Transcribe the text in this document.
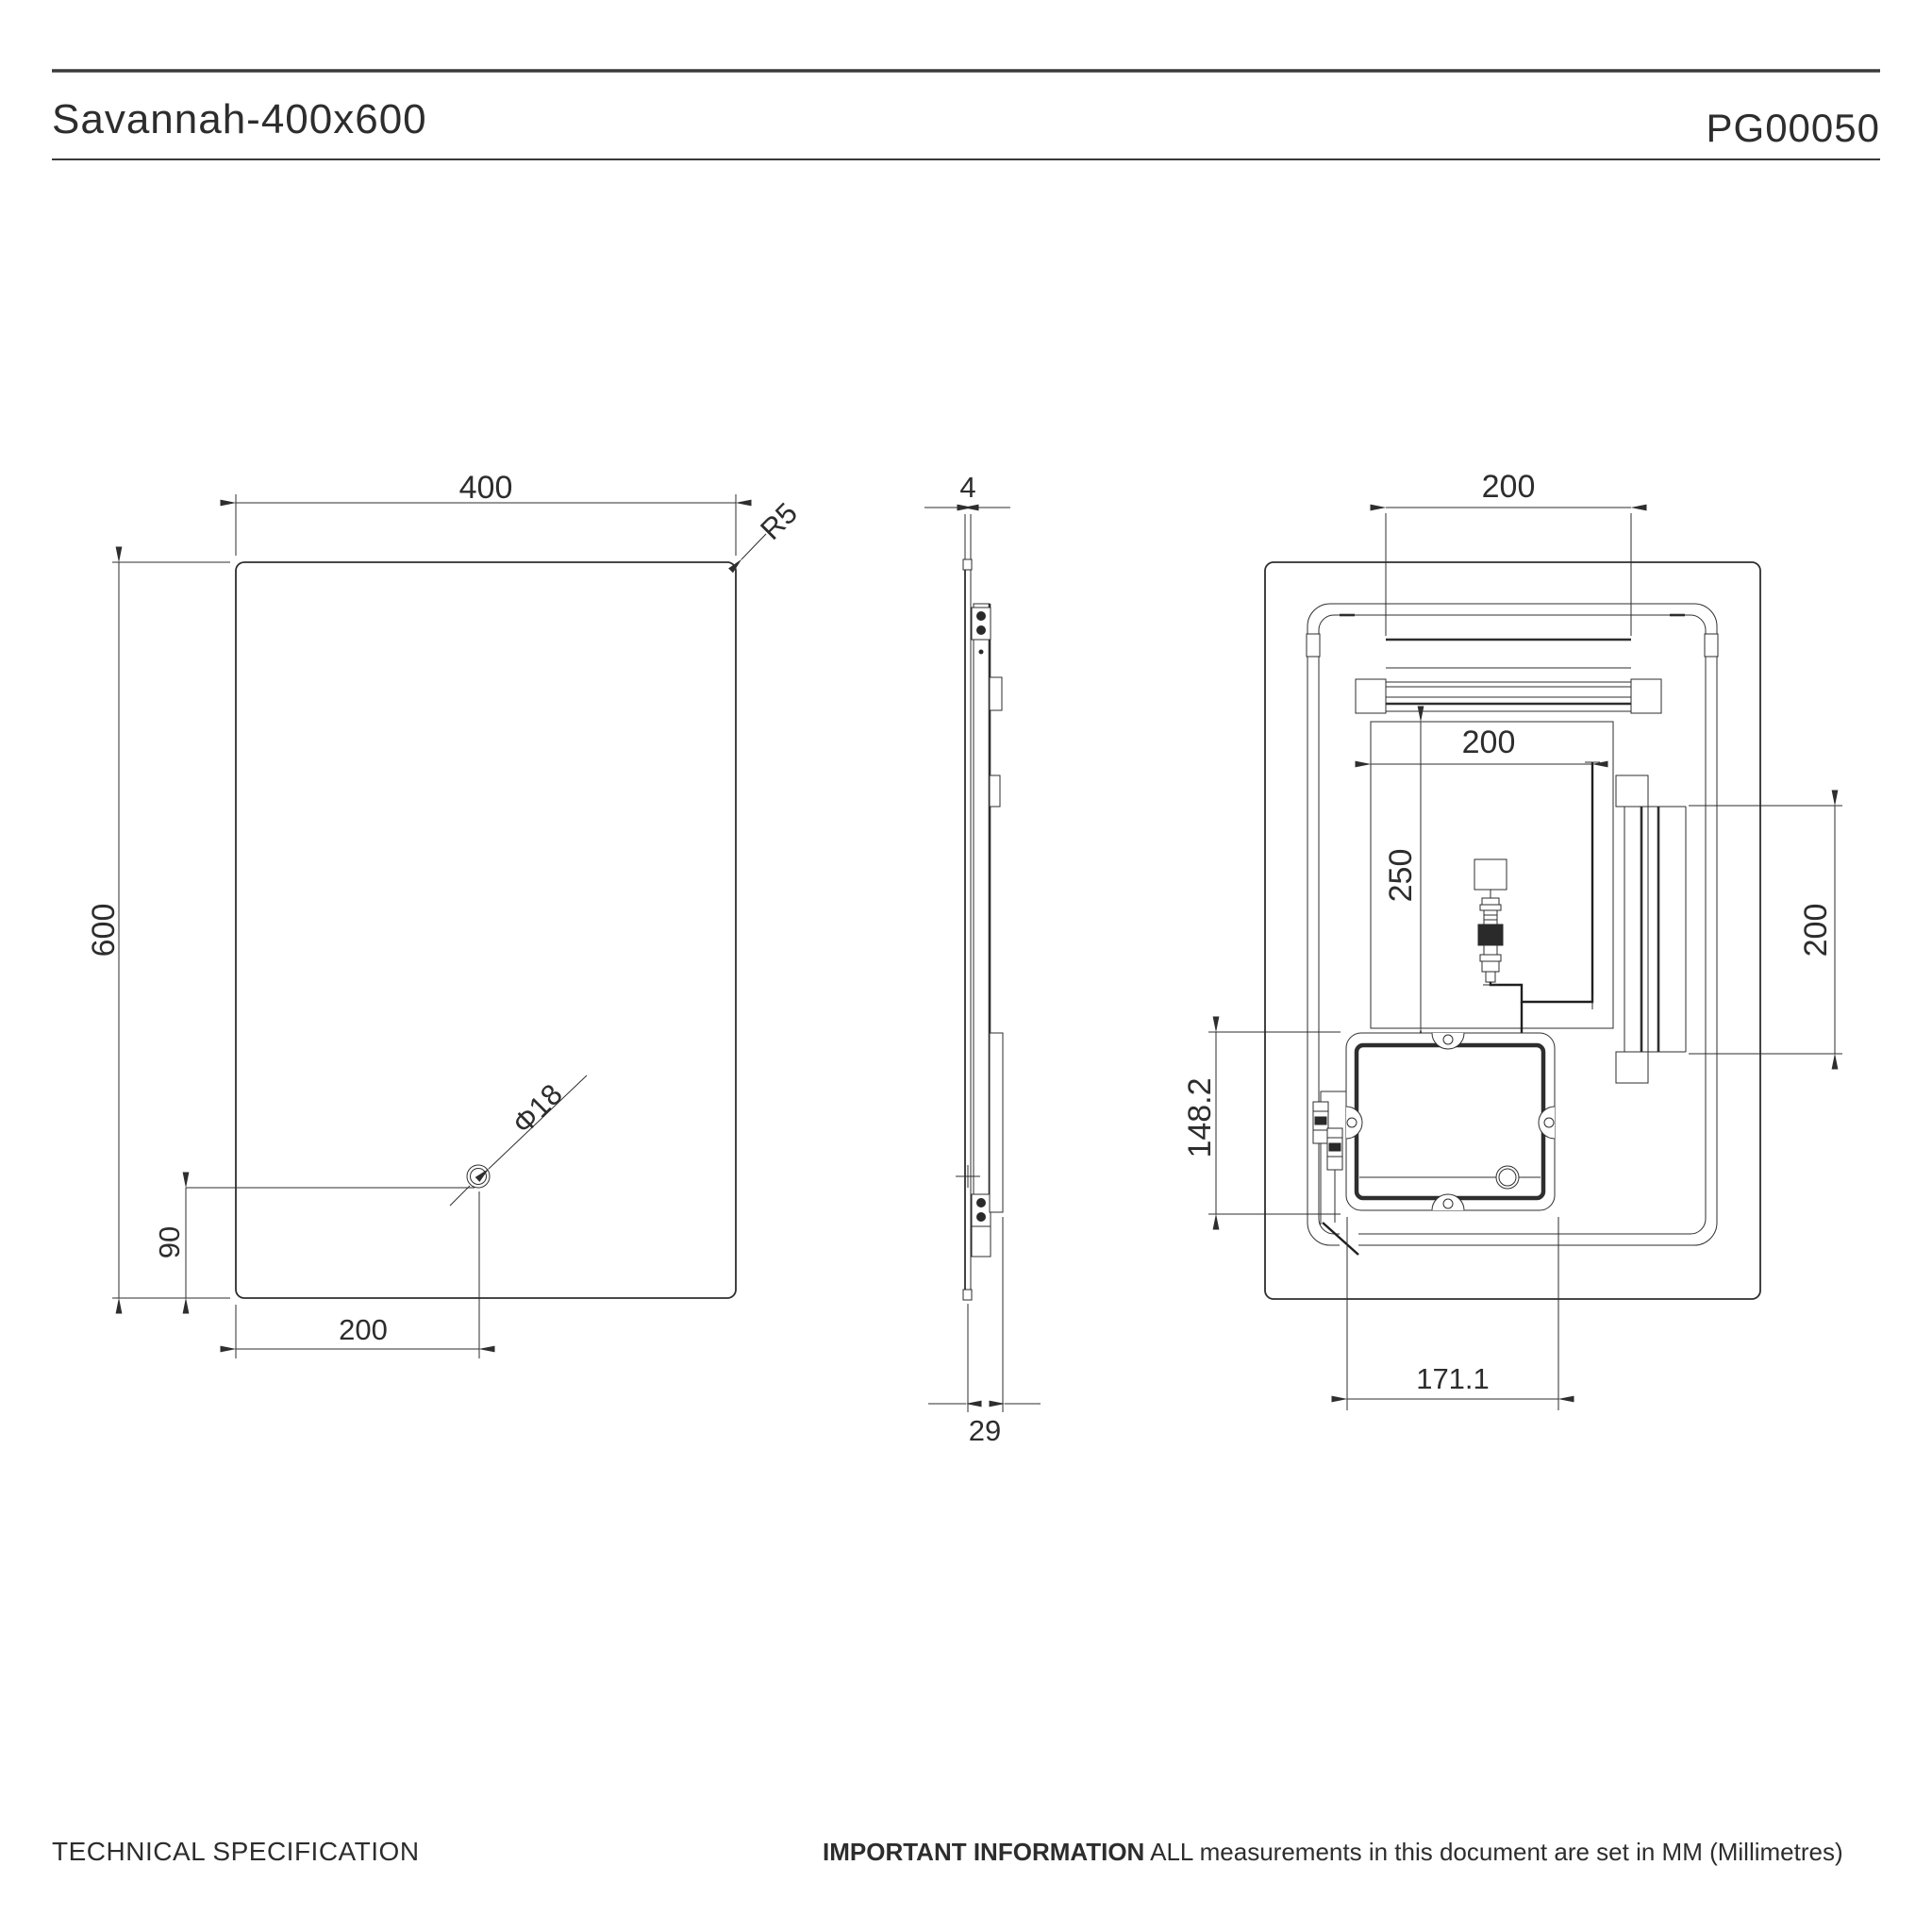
Savannah-400x600	PG00050
400
600
R5
Φ18
90
200
4
29
200
200
250
200
148.2
171.1
TECHNICAL SPECIFICATION	IMPORTANT INFORMATION ALL measurements in this document are set in MM (Millimetres)
